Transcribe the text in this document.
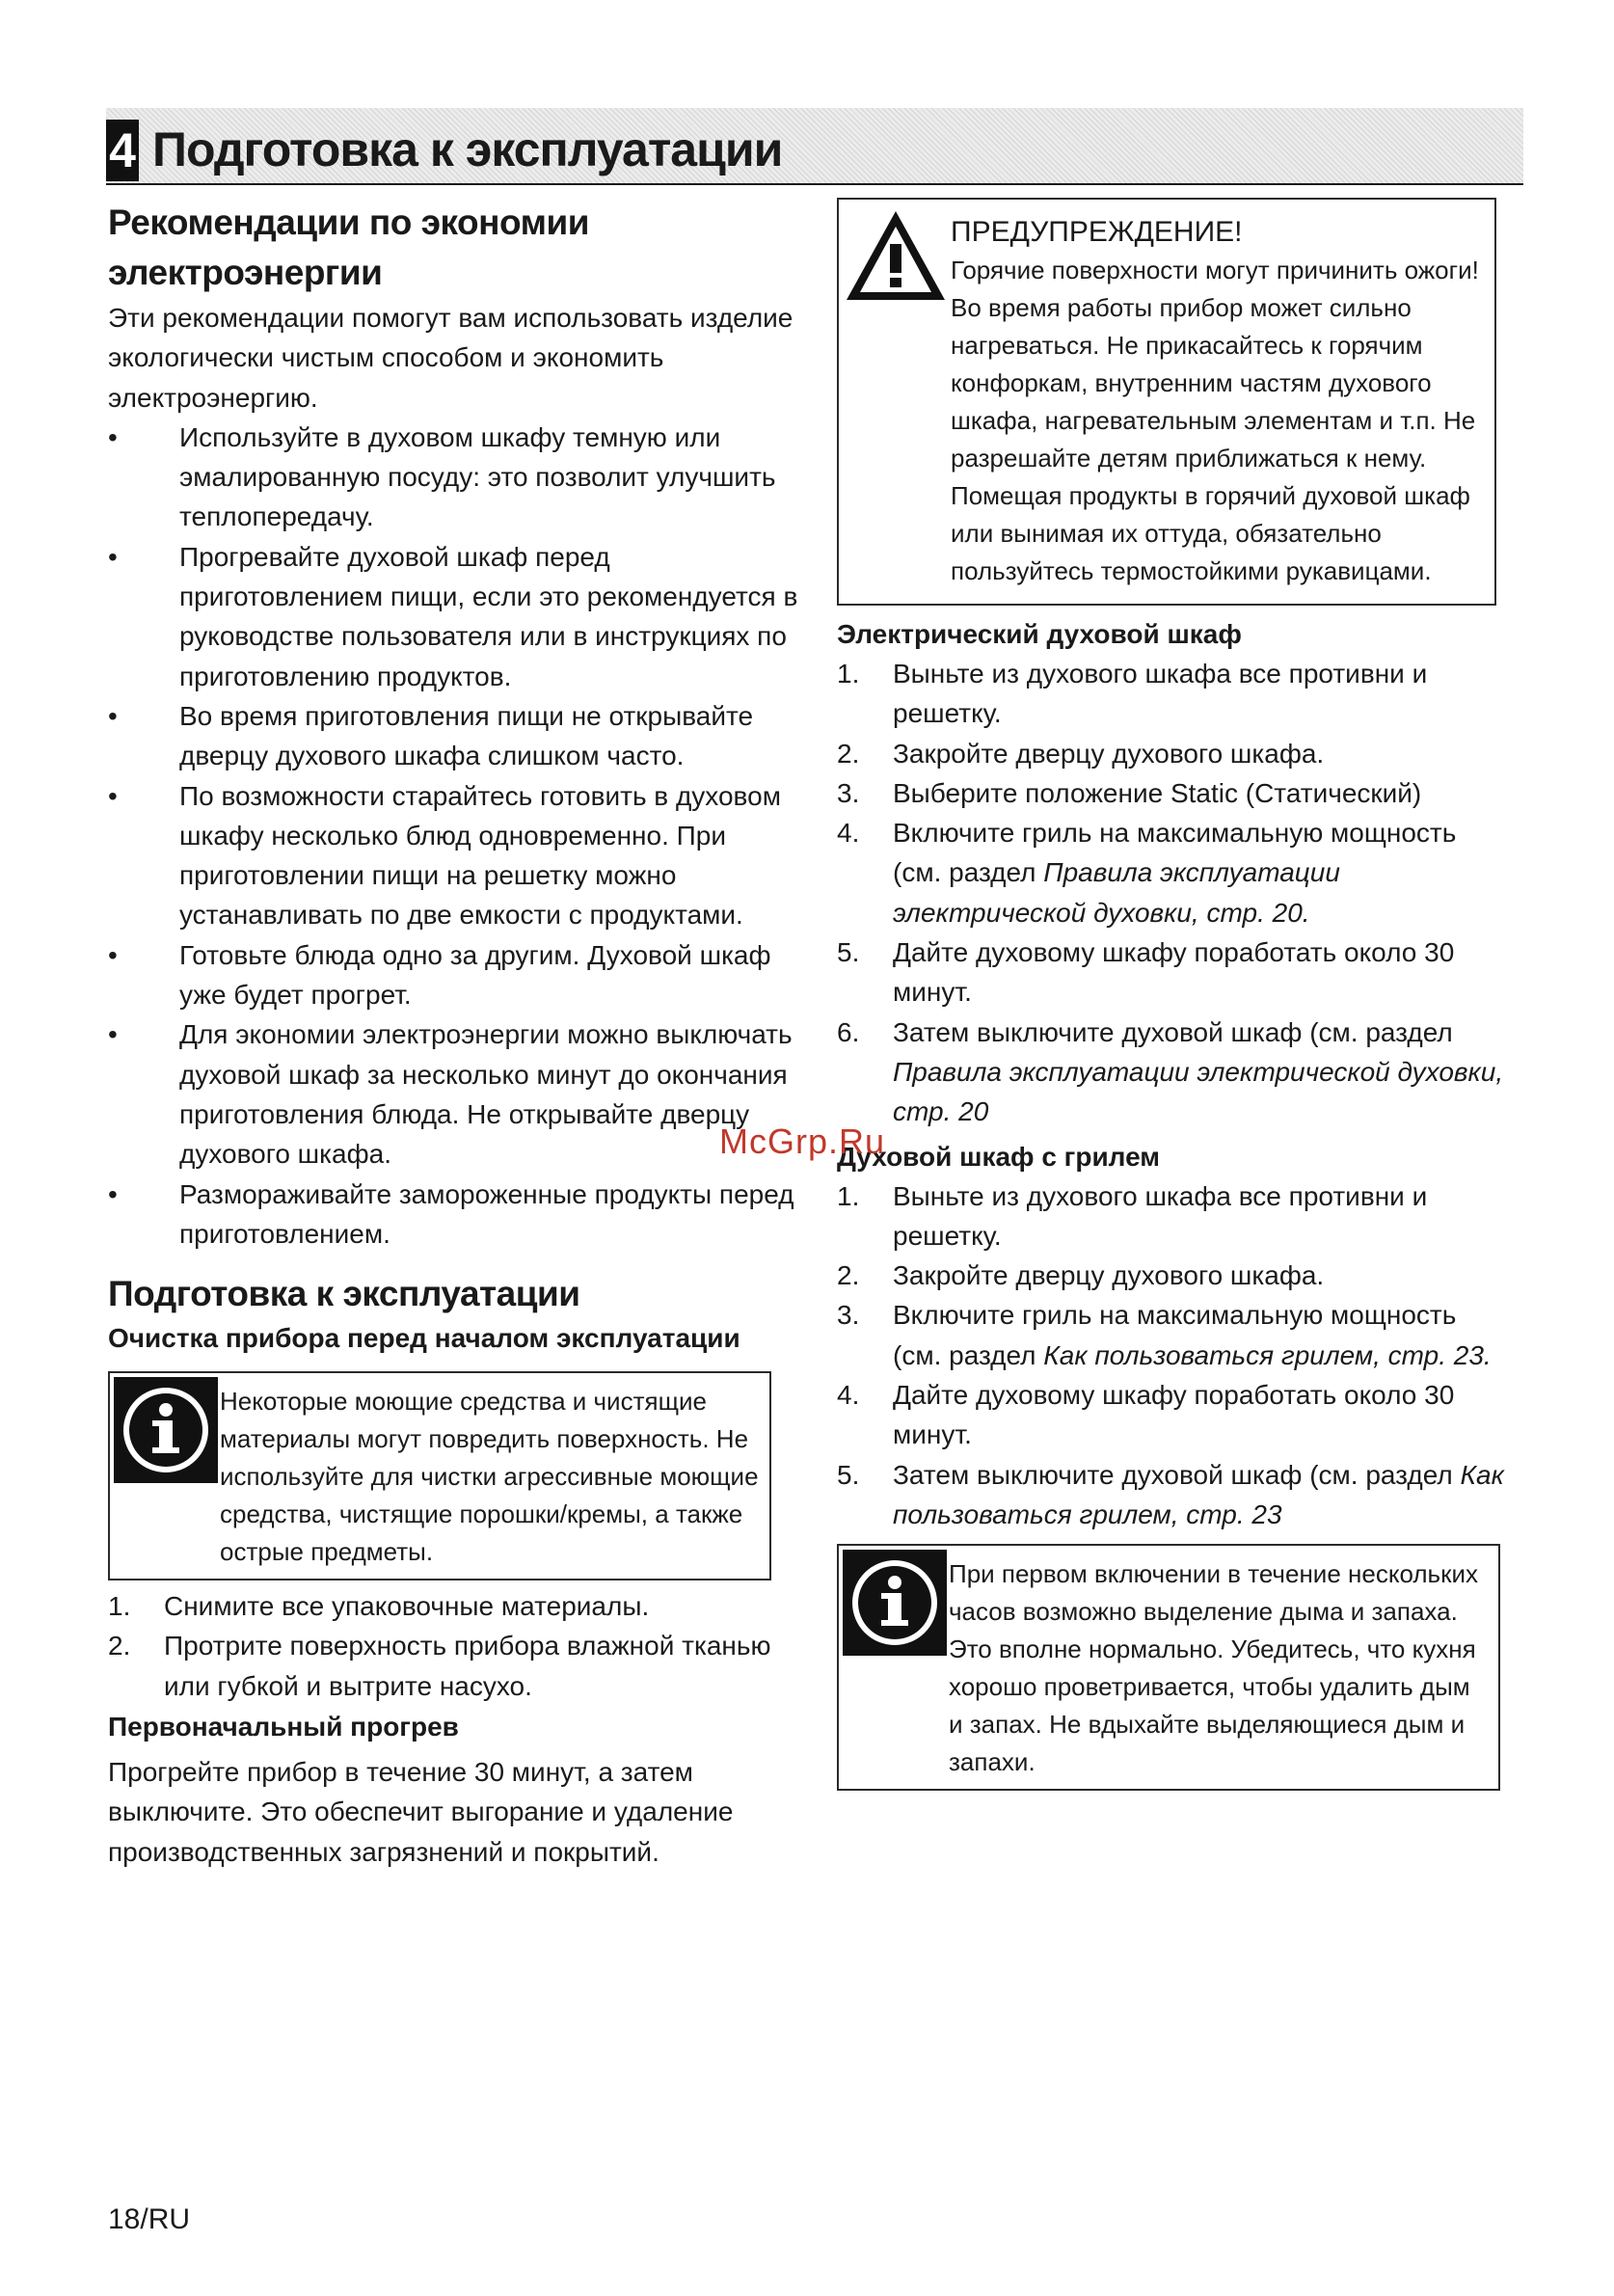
4 Подготовка к эксплуатации
Рекомендации по экономии электроэнергии

Эти рекомендации помогут вам использовать изделие экологически чистым способом и экономить электроэнергию.

•	Используйте в духовом шкафу темную или эмалированную посуду: это позволит улучшить теплопередачу.
•	Прогревайте духовой шкаф перед приготовлением пищи, если это рекомендуется в руководстве пользователя или в инструкциях по приготовлению продуктов.
•	Во время приготовления пищи не открывайте дверцу духового шкафа слишком часто.
•	По возможности старайтесь готовить в духовом шкафу несколько блюд одновременно. При приготовлении пищи на решетку можно устанавливать по две емкости с продуктами.
•	Готовьте блюда одно за другим. Духовой шкаф уже будет прогрет.
•	Для экономии электроэнергии можно выключать духовой шкаф за несколько минут до окончания приготовления блюда. Не открывайте дверцу духового шкафа.
•	Размораживайте замороженные продукты перед приготовлением.
Подготовка к эксплуатации
Очистка прибора перед началом эксплуатации
Некоторые моющие средства и чистящие материалы могут повредить поверхность. Не используйте для чистки агрессивные моющие средства, чистящие порошки/кремы, а также острые предметы.
1. Снимите все упаковочные материалы.
2. Протрите поверхность прибора влажной тканью или губкой и вытрите насухо.
Первоначальный прогрев

Прогрейте прибор в течение 30 минут, а затем выключите. Это обеспечит выгорание и удаление производственных загрязнений и покрытий.

ПРЕДУПРЕЖДЕНИЕ!
Горячие поверхности могут причинить ожоги!
Во время работы прибор может сильно нагреваться. Не прикасайтесь к горячим конфоркам, внутренним частям духового шкафа, нагревательным элементам и т.п. Не разрешайте детям приближаться к нему.
Помещая продукты в горячий духовой шкаф или вынимая их оттуда, обязательно пользуйтесь термостойкими рукавицами.
Электрический духовой шкаф
1. Выньте из духового шкафа все противни и решетку.
2. Закройте дверцу духового шкафа.
3. Выберите положение Static (Статический)
4. Включите гриль на максимальную мощность (см. раздел Правила эксплуатации электрической духовки, стр. 20.
5. Дайте духовому шкафу поработать около 30 минут.
6. Затем выключите духовой шкаф (см. раздел Правила эксплуатации электрической духовки, стр. 20
Духовой шкаф с грилем
1. Выньте из духового шкафа все противни и решетку.
2. Закройте дверцу духового шкафа.
3. Включите гриль на максимальную мощность (см. раздел Как пользоваться грилем, стр. 23.
4. Дайте духовому шкафу поработать около 30 минут.
5. Затем выключите духовой шкаф (см. раздел Как пользоваться грилем, стр. 23
При первом включении в течение нескольких часов возможно выделение дыма и запаха. Это вполне нормально. Убедитесь, что кухня хорошо проветривается, чтобы удалить дым и запах. Не вдыхайте выделяющиеся дым и запахи.
McGrp.Ru
18/RU
